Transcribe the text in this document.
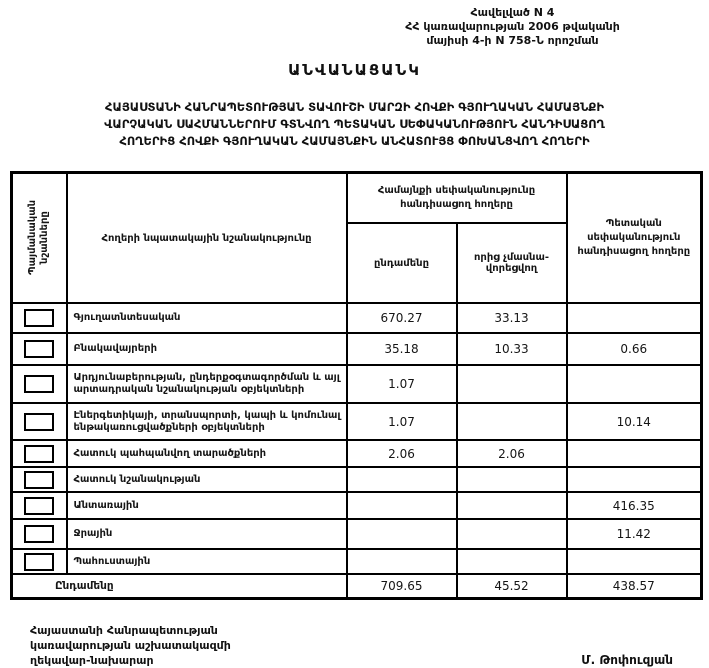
Հավելված N 4
ՀՀ կառավարության 2006 թվականի
մայիսի 4-ի N 758-Ն որոշման
ԱՆՎԱՆԱՑԱՆԿ
ՀԱՅԱՍՏԱՆԻ ՀԱՆՐԱՊԵՏՈՒԹՅԱՆ ՏԱՎՈՒՇԻ ՄԱՐԶԻ ՀՈՎՔԻ ԳՅՈՒՂԱԿԱՆ ՀԱՄԱՅՆՔԻ
ՎԱՐՉԱԿԱՆ ՍԱՀՄԱՆՆԵՐՈՒՄ ԳՏՆՎՈՂ ՊԵՏԱԿԱՆ ՍԵՓԱԿԱՆՈՒԹՅՈՒՆ ՀԱՆԴԻՍԱՑՈՂ
ՀՈՂԵՐԻՑ ՀՈՎՔԻ ԳՅՈՒՂԱԿԱՆ ՀԱՄԱՅՆՔԻՆ ԱՆՀԱՏՈՒՅՑ ՓՈԽԱՆՑՎՈՂ ՀՈՂԵՐԻ
Պայմանական նշանները	Հողերի նպատակային նշանակությունը	Համայնքի սեփականությունը հանդիսացող հողերը		Պետական սեփականություն հանդիսացող հողերը
		ընդամենը	որից չմասնա-վորեցվող	
	Գյուղատնտեսական	670.27	33.13	
	Բնակավայրերի	35.18	10.33	0.66
	Արդյունաբերության, ընդերքօգտագործման և այլ արտադրական նշանակության օբյեկտների	1.07		
	Էներգետիկայի, տրանսպորտի, կապի և կոմունալ ենթակառուցվածքների օբյեկտների	1.07		10.14
	Հատուկ պահպանվող տարածքների	2.06	2.06	
	Հատուկ նշանակության			
	Անտառային			416.35
	Ջրային			11.42
	Պահուստային			
Ընդամենը		709.65	45.52	438.57
Հայաստանի Հանրապետության
կառավարության աշխատակազմի
ղեկավար-նախարար	Մ. Թոփուզյան
